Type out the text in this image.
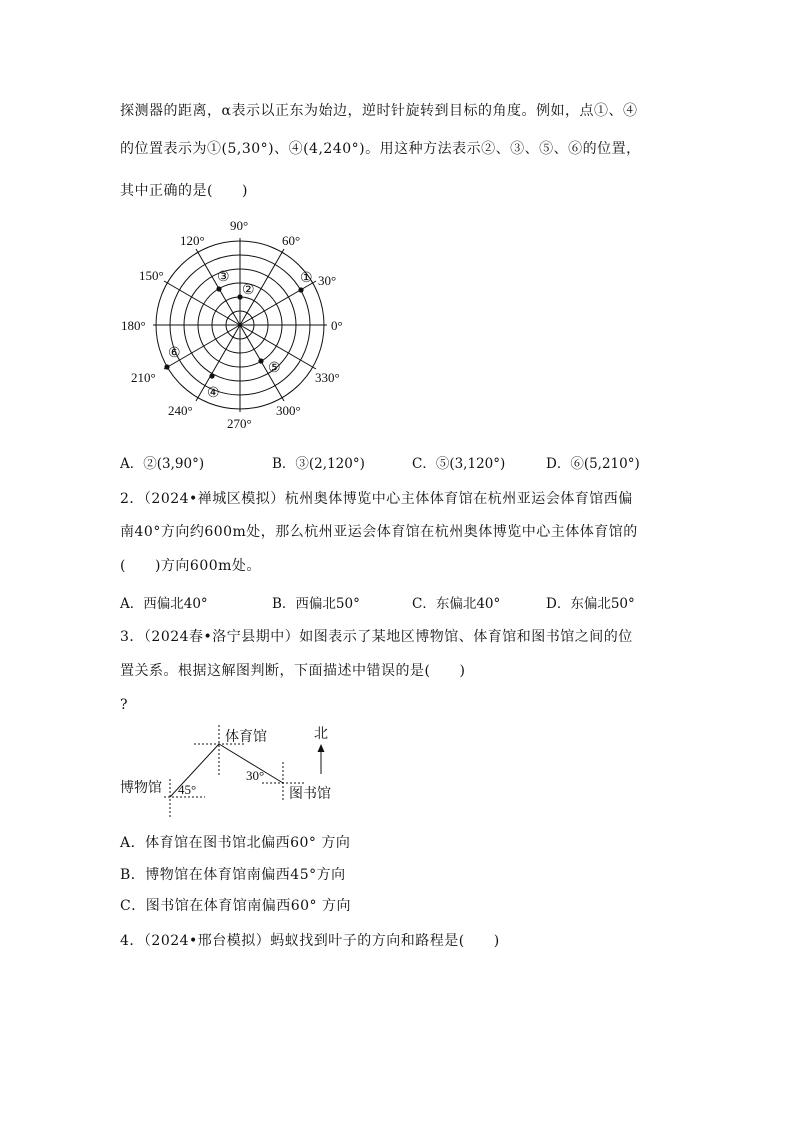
探测器的距离，α表示以正东为始边，逆时针旋转到目标的角度。例如，点①、④
的位置表示为①(5,30°)、④(4,240°)。用这种方法表示②、③、⑤、⑥的位置，
其中正确的是(　　)
0°
30°
60°
90°
120°
150°
180°
210°
240°
270°
300°
330°
①
②
③
④
⑤
⑥
A．②(3,90°)	B．③(2,120°)	C．⑤(3,120°)	D．⑥(5,210°)
2．（2024•禅城区模拟）杭州奥体博览中心主体体育馆在杭州亚运会体育馆西偏
南40°方向约600m处，那么杭州亚运会体育馆在杭州奥体博览中心主体体育馆的
(　　)方向600m处。
A．西偏北40°	B．西偏北50°	C．东偏北40°	D．东偏北50°
3．（2024春•洛宁县期中）如图表示了某地区博物馆、体育馆和图书馆之间的位
置关系。根据这解图判断，下面描述中错误的是(　　)
?
博物馆
体育馆
图书馆
北
45°
30°
A．体育馆在图书馆北偏西60° 方向
B．博物馆在体育馆南偏西45°方向
C．图书馆在体育馆南偏西60° 方向
4．（2024•邢台模拟）蚂蚁找到叶子的方向和路程是(　　)
